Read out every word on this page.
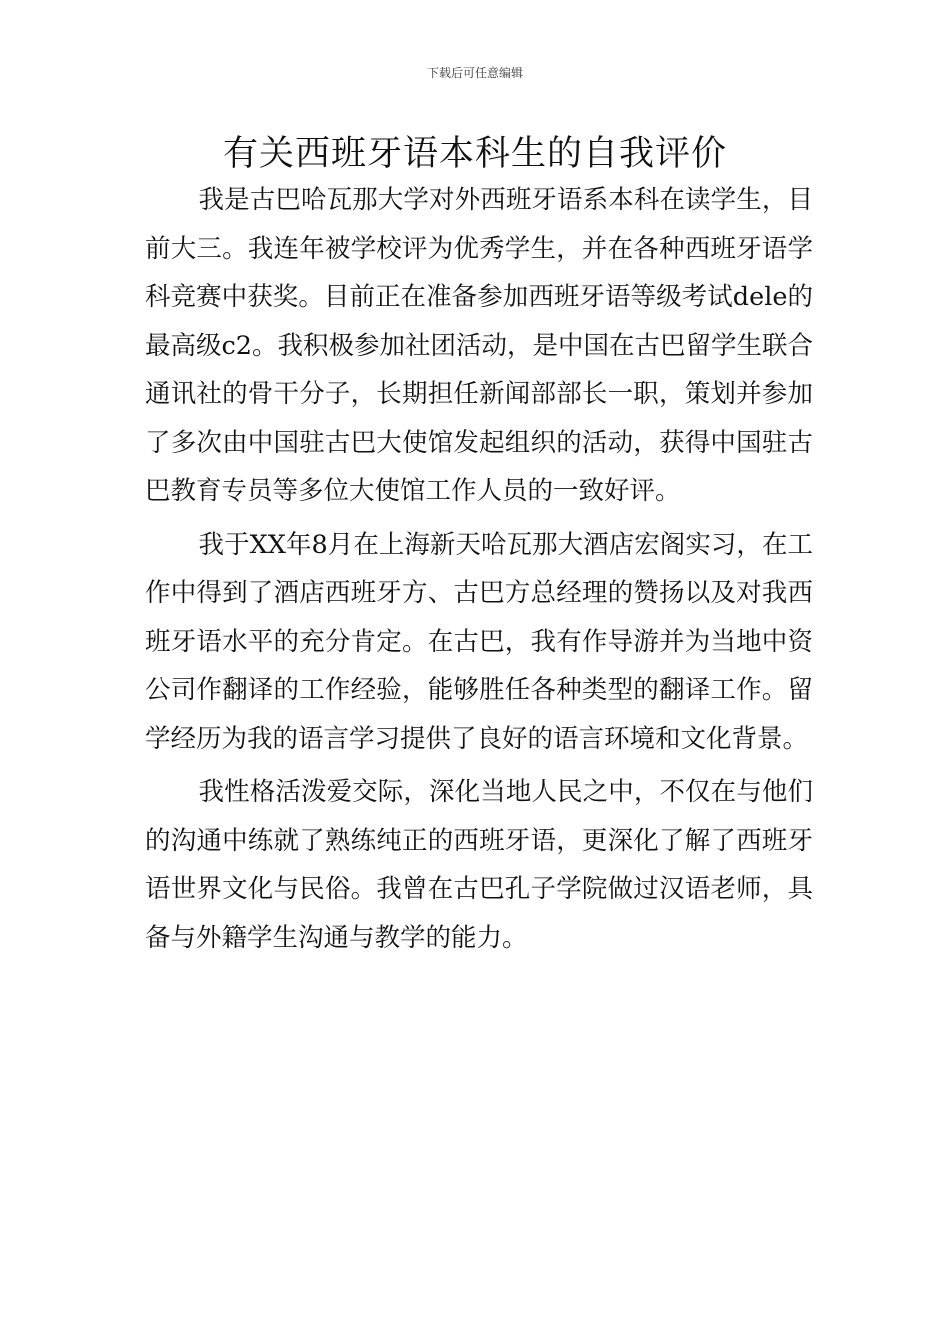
下载后可任意编辑
有关西班牙语本科生的自我评价

我是古巴哈瓦那大学对外西班牙语系本科在读学生，目前大三。我连年被学校评为优秀学生，并在各种西班牙语学科竞赛中获奖。目前正在准备参加西班牙语等级考试dele的最高级c2。我积极参加社团活动，是中国在古巴留学生联合通讯社的骨干分子，长期担任新闻部部长一职，策划并参加了多次由中国驻古巴大使馆发起组织的活动，获得中国驻古巴教育专员等多位大使馆工作人员的一致好评。

我于XX年8月在上海新天哈瓦那大酒店宏阁实习，在工作中得到了酒店西班牙方、古巴方总经理的赞扬以及对我西班牙语水平的充分肯定。在古巴，我有作导游并为当地中资公司作翻译的工作经验，能够胜任各种类型的翻译工作。留学经历为我的语言学习提供了良好的语言环境和文化背景。

我性格活泼爱交际，深化当地人民之中，不仅在与他们的沟通中练就了熟练纯正的西班牙语，更深化了解了西班牙语世界文化与民俗。我曾在古巴孔子学院做过汉语老师，具备与外籍学生沟通与教学的能力。
